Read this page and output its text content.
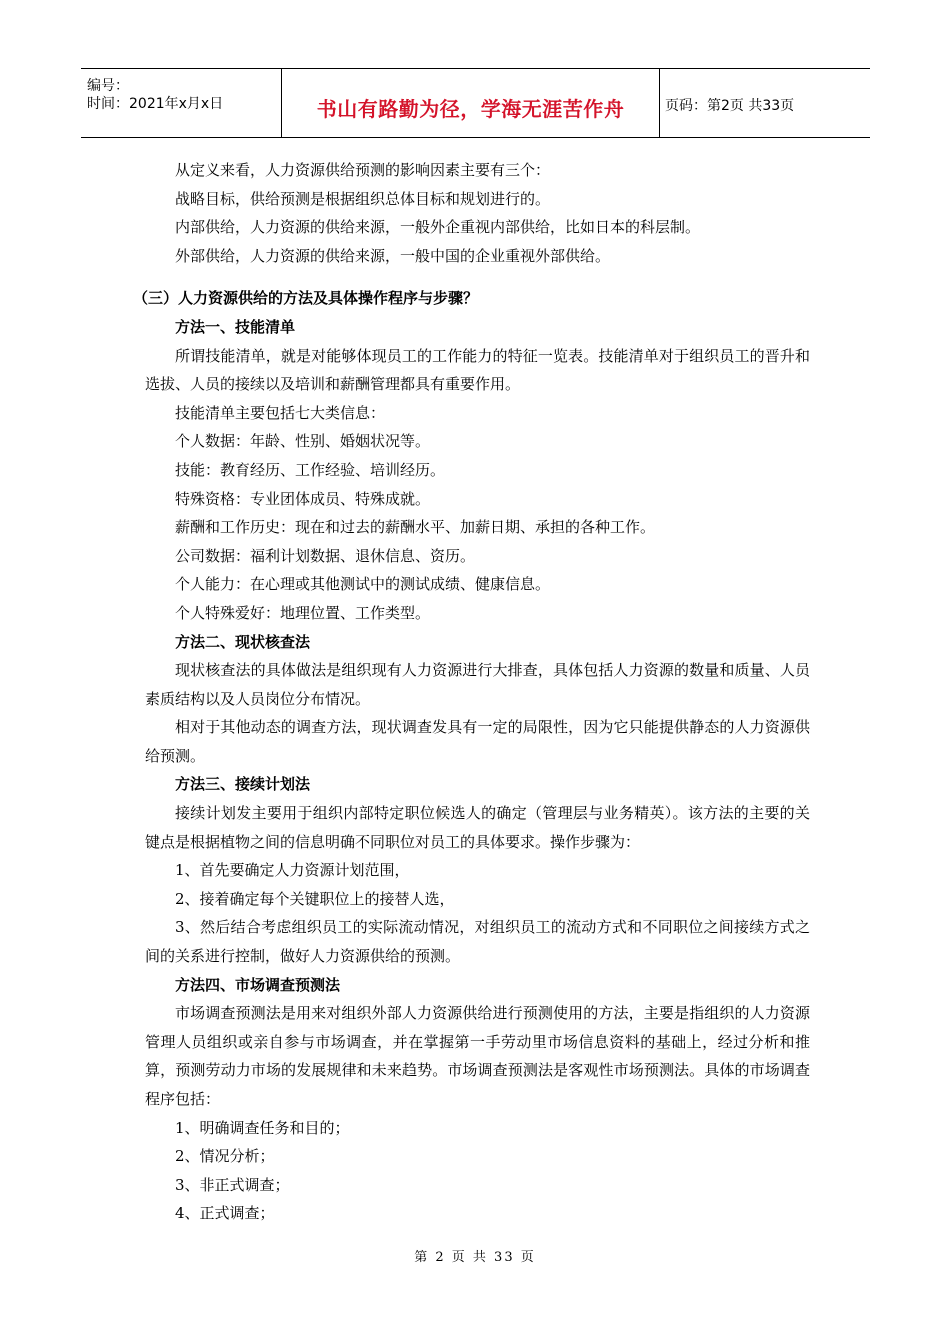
编号：
时间：2021年x月x日	书山有路勤为径，学海无涯苦作舟	页码：第2页 共33页

从定义来看，人力资源供给预测的影响因素主要有三个：

战略目标，供给预测是根据组织总体目标和规划进行的。

内部供给，人力资源的供给来源，一般外企重视内部供给，比如日本的科层制。

外部供给，人力资源的供给来源，一般中国的企业重视外部供给。

（三）人力资源供给的方法及具体操作程序与步骤？

方法一、技能清单

所谓技能清单，就是对能够体现员工的工作能力的特征一览表。技能清单对于组织员工的晋升和选拔、人员的接续以及培训和薪酬管理都具有重要作用。

技能清单主要包括七大类信息：

个人数据：年龄、性别、婚姻状况等。

技能：教育经历、工作经验、培训经历。

特殊资格：专业团体成员、特殊成就。

薪酬和工作历史：现在和过去的薪酬水平、加薪日期、承担的各种工作。

公司数据：福利计划数据、退休信息、资历。

个人能力：在心理或其他测试中的测试成绩、健康信息。

个人特殊爱好：地理位置、工作类型。

方法二、现状核查法

现状核查法的具体做法是组织现有人力资源进行大排查，具体包括人力资源的数量和质量、人员素质结构以及人员岗位分布情况。

相对于其他动态的调查方法，现状调查发具有一定的局限性，因为它只能提供静态的人力资源供给预测。

方法三、接续计划法

接续计划发主要用于组织内部特定职位候选人的确定（管理层与业务精英）。该方法的主要的关键点是根据植物之间的信息明确不同职位对员工的具体要求。操作步骤为：

1、首先要确定人力资源计划范围，

2、接着确定每个关键职位上的接替人选，

3、然后结合考虑组织员工的实际流动情况，对组织员工的流动方式和不同职位之间接续方式之间的关系进行控制，做好人力资源供给的预测。

方法四、市场调查预测法

市场调查预测法是用来对组织外部人力资源供给进行预测使用的方法，主要是指组织的人力资源管理人员组织或亲自参与市场调查，并在掌握第一手劳动里市场信息资料的基础上，经过分析和推算，预测劳动力市场的发展规律和未来趋势。市场调查预测法是客观性市场预测法。具体的市场调查程序包括：

1、明确调查任务和目的；

2、情况分析；

3、非正式调查；

4、正式调查；

第 2 页 共 33 页
